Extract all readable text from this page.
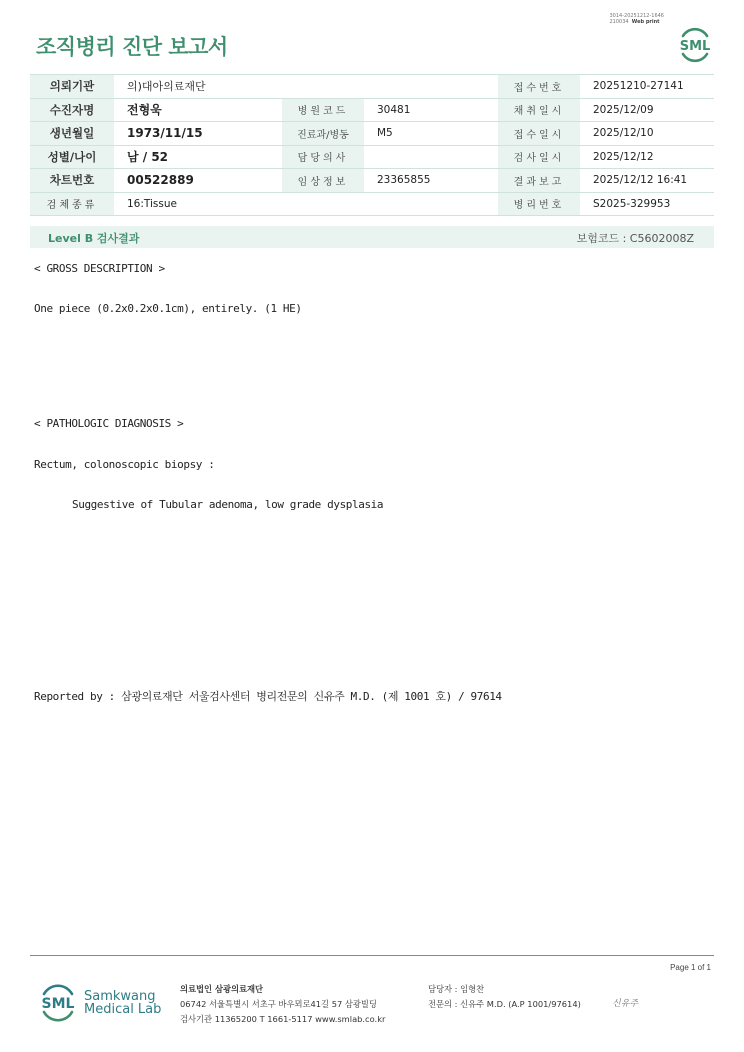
3014-20251212-1646
210034 Web print
조직병리 진단 보고서	SML
의뢰기관	의)대아의료재단			접수번호	20251210-27141
수진자명	전형욱	병원코드	30481	채취일시	2025/12/09
생년월일	1973/11/15	진료과/병동	M5	접수일시	2025/12/10
성별/나이	남 / 52	담당의사		검사일시	2025/12/12
차트번호	00522889	임상정보	23365855	결과보고	2025/12/12 16:41
검체종류	16:Tissue			병리번호	S2025-329953
Level B 검사결과	보험코드 : C5602008Z
< GROSS DESCRIPTION >
One piece (0.2x0.2x0.1cm), entirely. (1 HE)
< PATHOLOGIC DIAGNOSIS >
Rectum, colonoscopic biopsy :
Suggestive of Tubular adenoma, low grade dysplasia
Reported by : 삼광의료재단 서울검사센터 병리전문의 신유주 M.D. (제 1001 호) / 97614
Page 1 of 1
SML Samkwang
Medical Lab
의료법인 삼광의료재단
06742 서울특별시 서초구 바우뫼로41길 57 삼광빌딩
검사기관 11365200 T 1661-5117 www.smlab.co.kr
담당자 : 임형찬
전문의 : 신유주 M.D. (A.P 1001/97614)	신유주
